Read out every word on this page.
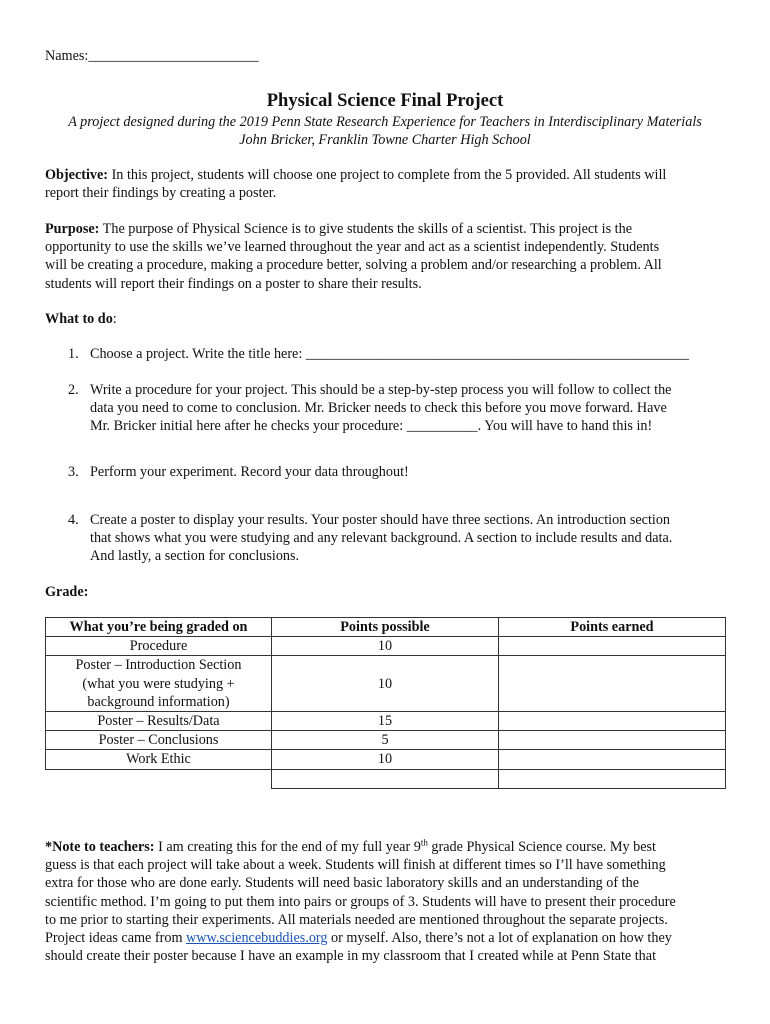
Names:________________________
Physical Science Final Project
A project designed during the 2019 Penn State Research Experience for Teachers in Interdisciplinary Materials
John Bricker, Franklin Towne Charter High School
Objective: In this project, students will choose one project to complete from the 5 provided. All students will
report their findings by creating a poster.
Purpose: The purpose of Physical Science is to give students the skills of a scientist. This project is the
opportunity to use the skills we’ve learned throughout the year and act as a scientist independently. Students
will be creating a procedure, making a procedure better, solving a problem and/or researching a problem. All
students will report their findings on a poster to share their results.
What to do:
1. Choose a project. Write the title here: ______________________________________________________
2. Write a procedure for your project. This should be a step-by-step process you will follow to collect the
data you need to come to conclusion. Mr. Bricker needs to check this before you move forward. Have
Mr. Bricker initial here after he checks your procedure: __________. You will have to hand this in!
3. Perform your experiment. Record your data throughout!
4. Create a poster to display your results. Your poster should have three sections. An introduction section
that shows what you were studying and any relevant background. A section to include results and data.
And lastly, a section for conclusions.
Grade:
What you’re being graded on	Points possible	Points earned
Procedure	10	

Poster – Introduction Section
(what you were studying +
background information)	10	
Poster – Results/Data	15	
Poster – Conclusions	5	
Work Ethic	10	

*Note to teachers: I am creating this for the end of my full year 9th grade Physical Science course. My best
guess is that each project will take about a week. Students will finish at different times so I’ll have something
extra for those who are done early. Students will need basic laboratory skills and an understanding of the
scientific method. I’m going to put them into pairs or groups of 3. Students will have to present their procedure
to me prior to starting their experiments. All materials needed are mentioned throughout the separate projects.
Project ideas came from www.sciencebuddies.org or myself. Also, there’s not a lot of explanation on how they
should create their poster because I have an example in my classroom that I created while at Penn State that
